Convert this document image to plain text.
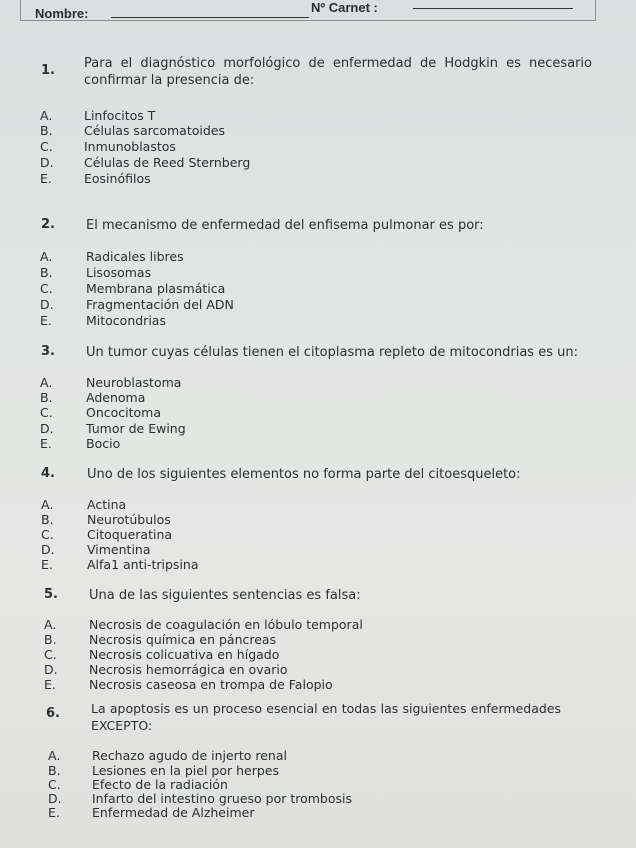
Nombre:	Nº Carnet :
1. Para el diagnóstico morfológico de enfermedad de Hodgkin es necesario confirmar la presencia de:
A.	Linfocitos T
B.	Células sarcomatoides
C.	Inmunoblastos
D. Células de Reed Sternberg
E.	Eosinófilos
2. El mecanismo de enfermedad del enfisema pulmonar es por:
A.	Radicales libres
B.	Lisosomas
C.	Membrana plasmática
D.	Fragmentación del ADN
E.	Mitocondrias
3. Un tumor cuyas células tienen el citoplasma repleto de mitocondrias es un:
A.	Neuroblastoma
B.	Adenoma
C.	Oncocitoma
D.	Tumor de Ewing
E.	Bocio
4. Uno de los siguientes elementos no forma parte del citoesqueleto:
A.	Actina
B.	Neurotúbulos
C.	Citoqueratina
D.	Vimentina
E.	Alfa1 anti-tripsina
5. Una de las siguientes sentencias es falsa:
A.	Necrosis de coagulación en lóbulo temporal
B.	Necrosis química en páncreas
C.	Necrosis colicuativa en hígado
D.	Necrosis hemorrágica en ovario
E.	Necrosis caseosa en trompa de Falopio
6. La apoptosis es un proceso esencial en todas las siguientes enfermedades EXCEPTO:
A.	Rechazo agudo de injerto renal
B.	Lesiones en la piel por herpes
C.	Efecto de la radiación
D. Infarto del intestino grueso por trombosis
E.	Enfermedad de Alzheimer
